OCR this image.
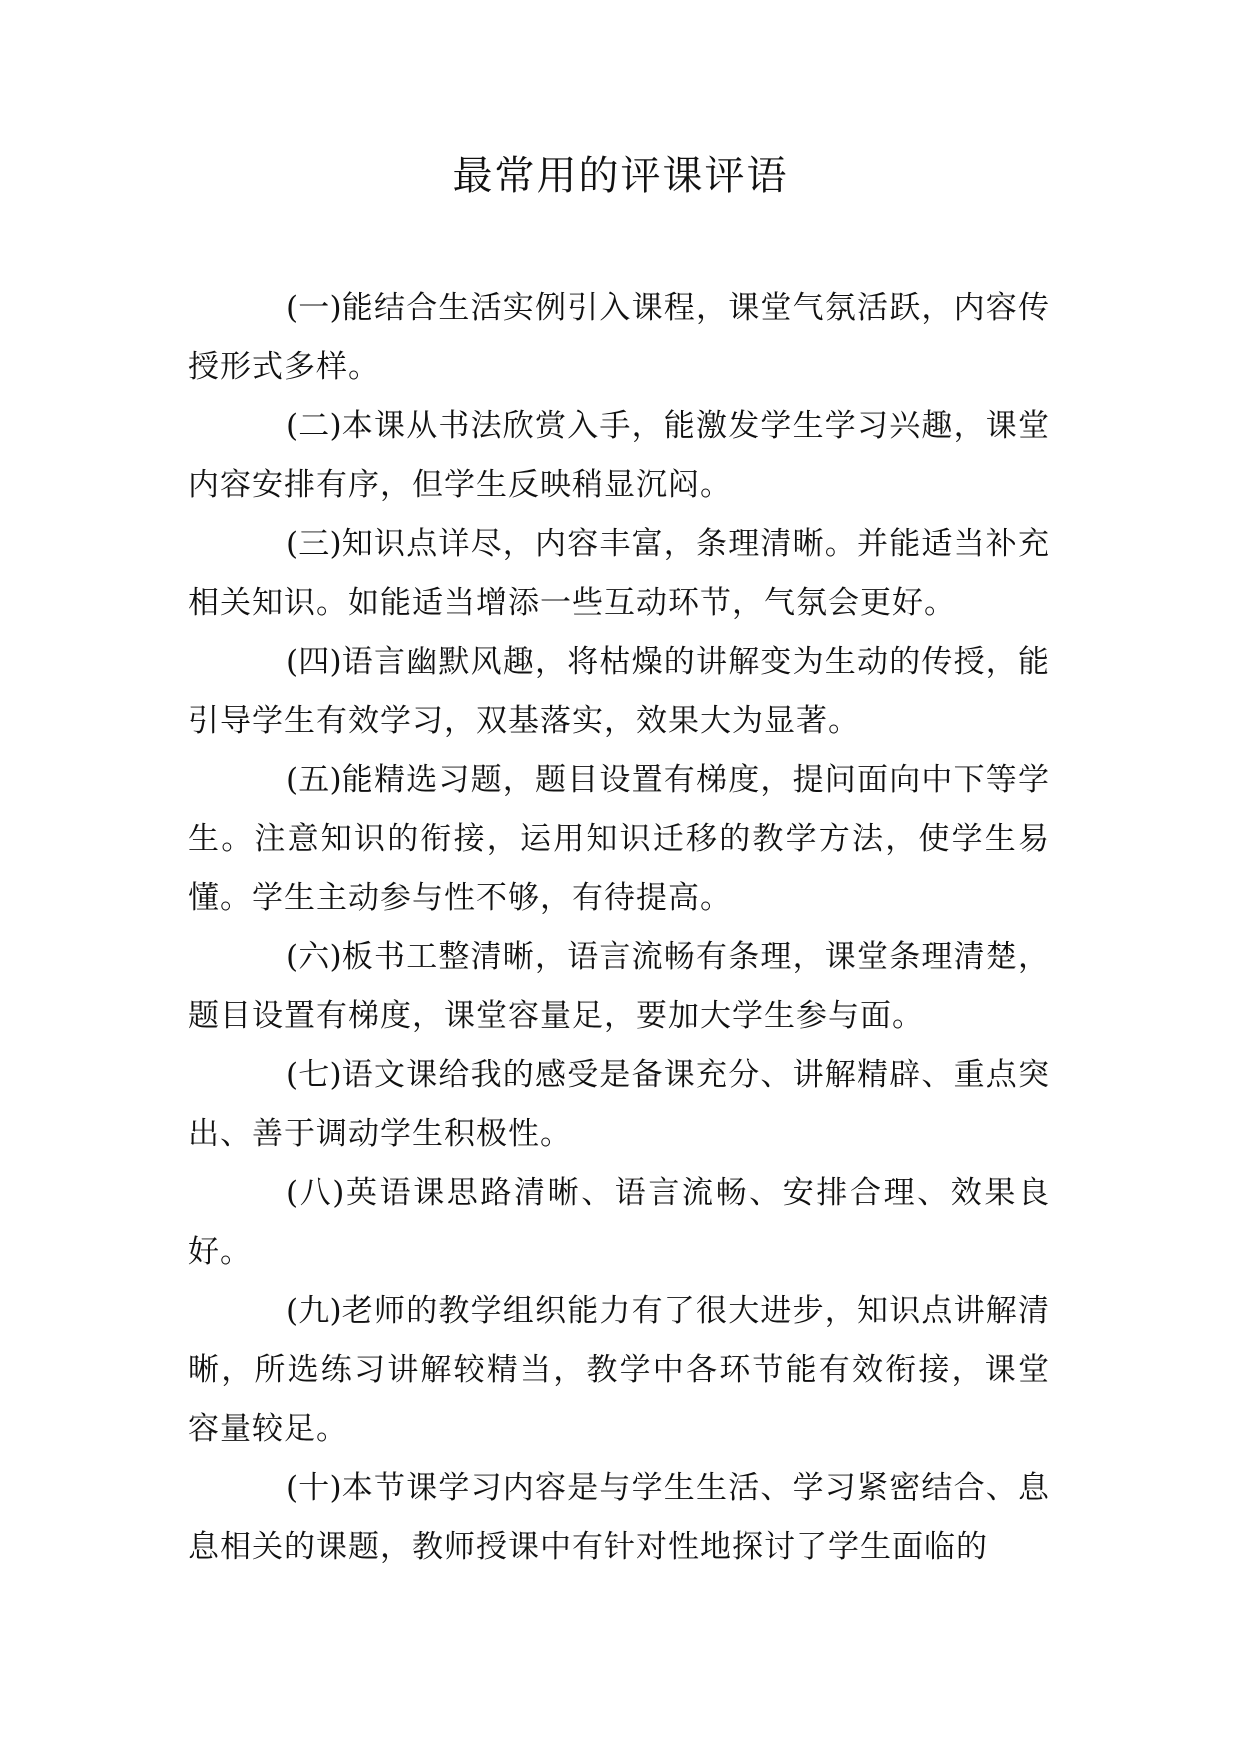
最常用的评课评语

(一)能结合生活实例引入课程，课堂气氛活跃，内容传授形式多样。

(二)本课从书法欣赏入手，能激发学生学习兴趣，课堂内容安排有序，但学生反映稍显沉闷。

(三)知识点详尽，内容丰富，条理清晰。并能适当补充相关知识。如能适当增添一些互动环节，气氛会更好。

(四)语言幽默风趣，将枯燥的讲解变为生动的传授，能引导学生有效学习，双基落实，效果大为显著。

(五)能精选习题，题目设置有梯度，提问面向中下等学生。注意知识的衔接，运用知识迁移的教学方法，使学生易懂。学生主动参与性不够，有待提高。

(六)板书工整清晰，语言流畅有条理，课堂条理清楚，题目设置有梯度，课堂容量足，要加大学生参与面。

(七)语文课给我的感受是备课充分、讲解精辟、重点突出、善于调动学生积极性。

(八)英语课思路清晰、语言流畅、安排合理、效果良好。

(九)老师的教学组织能力有了很大进步，知识点讲解清晰，所选练习讲解较精当，教学中各环节能有效衔接，课堂容量较足。

(十)本节课学习内容是与学生生活、学习紧密结合、息息相关的课题，教师授课中有针对性地探讨了学生面临的
